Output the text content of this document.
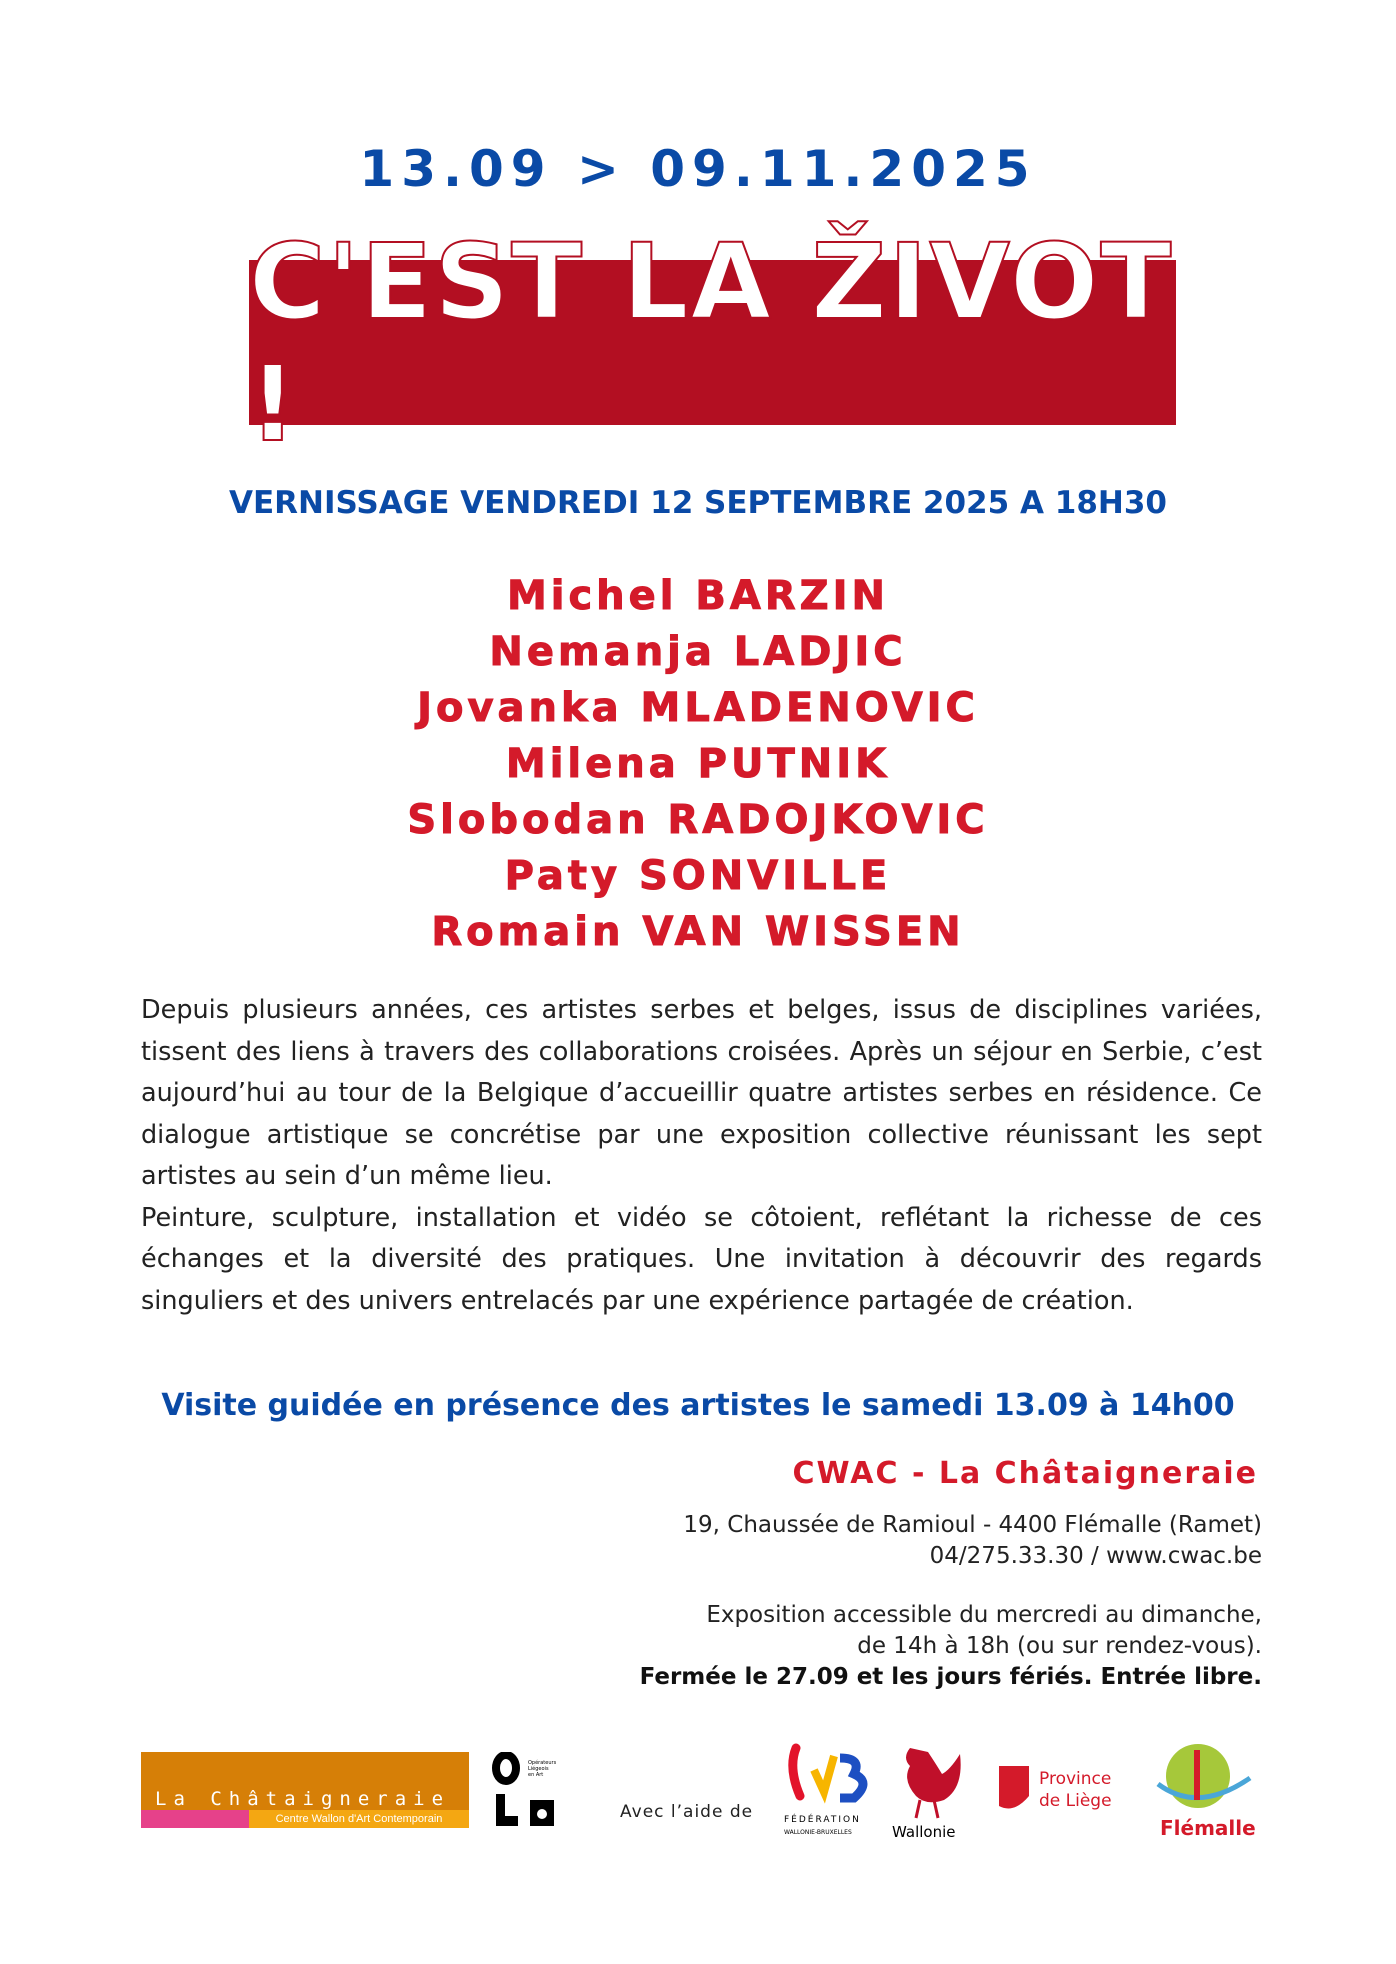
13.09 > 09.11.2025
C'EST LA ŽIVOT !
VERNISSAGE VENDREDI 12 SEPTEMBRE 2025 A 18H30
Michel BARZIN
Nemanja LADJIC
Jovanka MLADENOVIC
Milena PUTNIK
Slobodan RADOJKOVIC
Paty SONVILLE
Romain VAN WISSEN

Depuis plusieurs années, ces artistes serbes et belges, issus de disciplines variées, tissent des liens à travers des collaborations croisées. Après un séjour en Serbie, c’est aujourd’hui au tour de la Belgique d’accueillir quatre artistes serbes en résidence. Ce dialogue artistique se concrétise par une exposition collective réunissant les sept artistes au sein d’un même lieu.

Peinture, sculpture, installation et vidéo se côtoient, reflétant la richesse de ces échanges et la diversité des pratiques. Une invitation à découvrir des regards singuliers et des univers entrelacés par une expérience partagée de création.

Visite guidée en présence des artistes le samedi 13.09 à 14h00
CWAC - La Châtaigneraie
19, Chaussée de Ramioul - 4400 Flémalle (Ramet)
04/275.33.30 / www.cwac.be
Exposition accessible du mercredi au dimanche,
de 14h à 18h (ou sur rendez-vous).
Fermée le 27.09 et les jours fériés. Entrée libre.
La Châtaigneraie
Centre Wallon d'Art Contemporain
Opérateurs
Liégeois
en Art
Avec l’aide de	FÉDÉRATION
WALLONIE-BRUXELLES	Wallonie
Province
de Liège
Flémalle
